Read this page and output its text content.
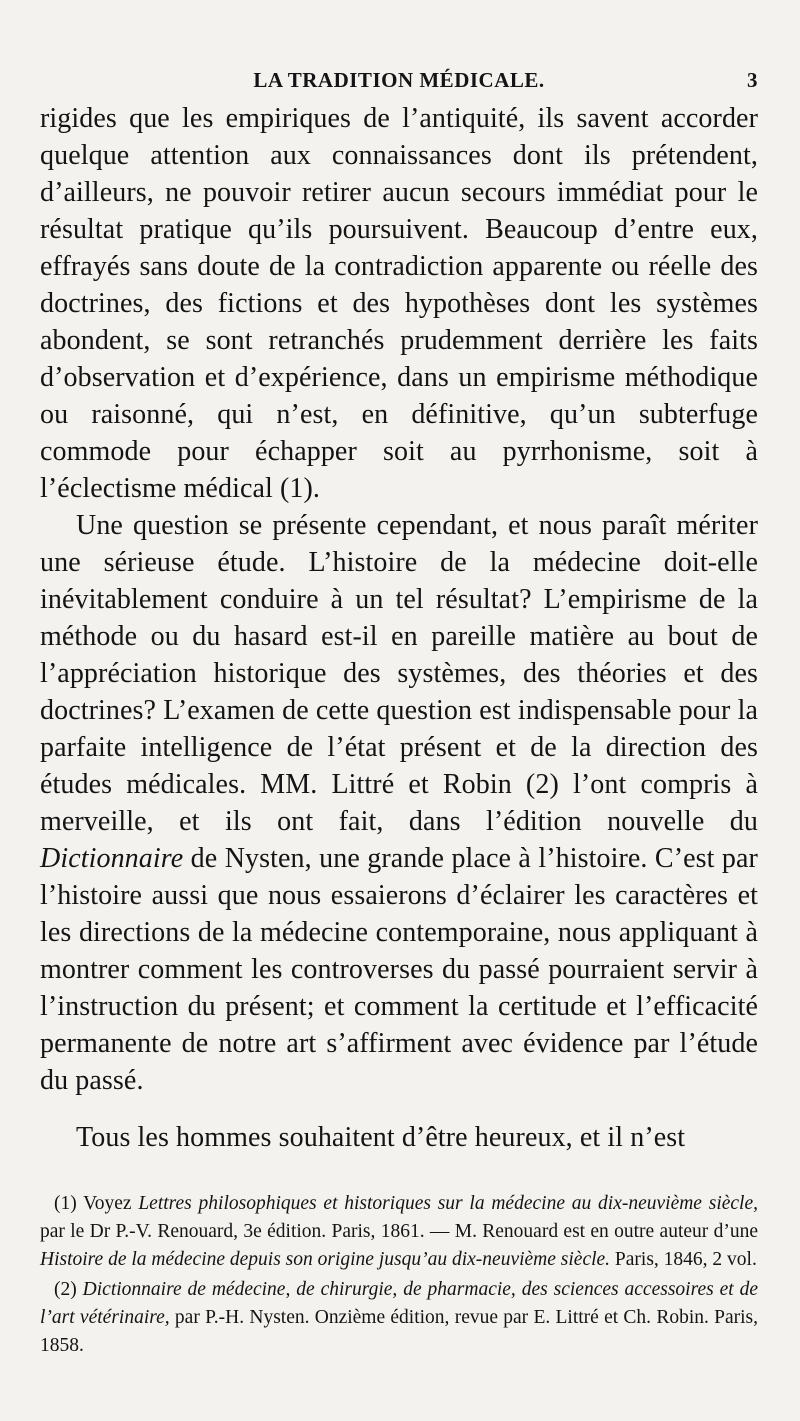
LA TRADITION MÉDICALE.	3

rigides que les empiriques de l’antiquité, ils savent accorder quelque attention aux connaissances dont ils prétendent, d’ailleurs, ne pouvoir retirer aucun secours immédiat pour le résultat pratique qu’ils poursuivent. Beaucoup d’entre eux, effrayés sans doute de la contradiction apparente ou réelle des doctrines, des fictions et des hypothèses dont les systèmes abondent, se sont retranchés prudemment derrière les faits d’observation et d’expérience, dans un empirisme méthodique ou raisonné, qui n’est, en définitive, qu’un subterfuge commode pour échapper soit au pyrrhonisme, soit à l’éclectisme médical (1).

Une question se présente cependant, et nous paraît mériter une sérieuse étude. L’histoire de la médecine doit-elle inévitablement conduire à un tel résultat? L’empirisme de la méthode ou du hasard est-il en pareille matière au bout de l’appréciation historique des systèmes, des théories et des doctrines? L’examen de cette question est indispensable pour la parfaite intelligence de l’état présent et de la direction des études médicales. MM. Littré et Robin (2) l’ont compris à merveille, et ils ont fait, dans l’édition nouvelle du Dictionnaire de Nysten, une grande place à l’histoire. C’est par l’histoire aussi que nous essaierons d’éclairer les caractères et les directions de la médecine contemporaine, nous appliquant à montrer comment les controverses du passé pourraient servir à l’instruction du présent; et comment la certitude et l’efficacité permanente de notre art s’affirment avec évidence par l’étude du passé.

Tous les hommes souhaitent d’être heureux, et il n’est

(1) Voyez Lettres philosophiques et historiques sur la médecine au dix-neuvième siècle, par le Dr P.-V. Renouard, 3e édition. Paris, 1861. — M. Renouard est en outre auteur d’une Histoire de la médecine depuis son origine jusqu’au dix-neuvième siècle. Paris, 1846, 2 vol.

(2) Dictionnaire de médecine, de chirurgie, de pharmacie, des sciences accessoires et de l’art vétérinaire, par P.-H. Nysten. Onzième édition, revue par E. Littré et Ch. Robin. Paris, 1858.
